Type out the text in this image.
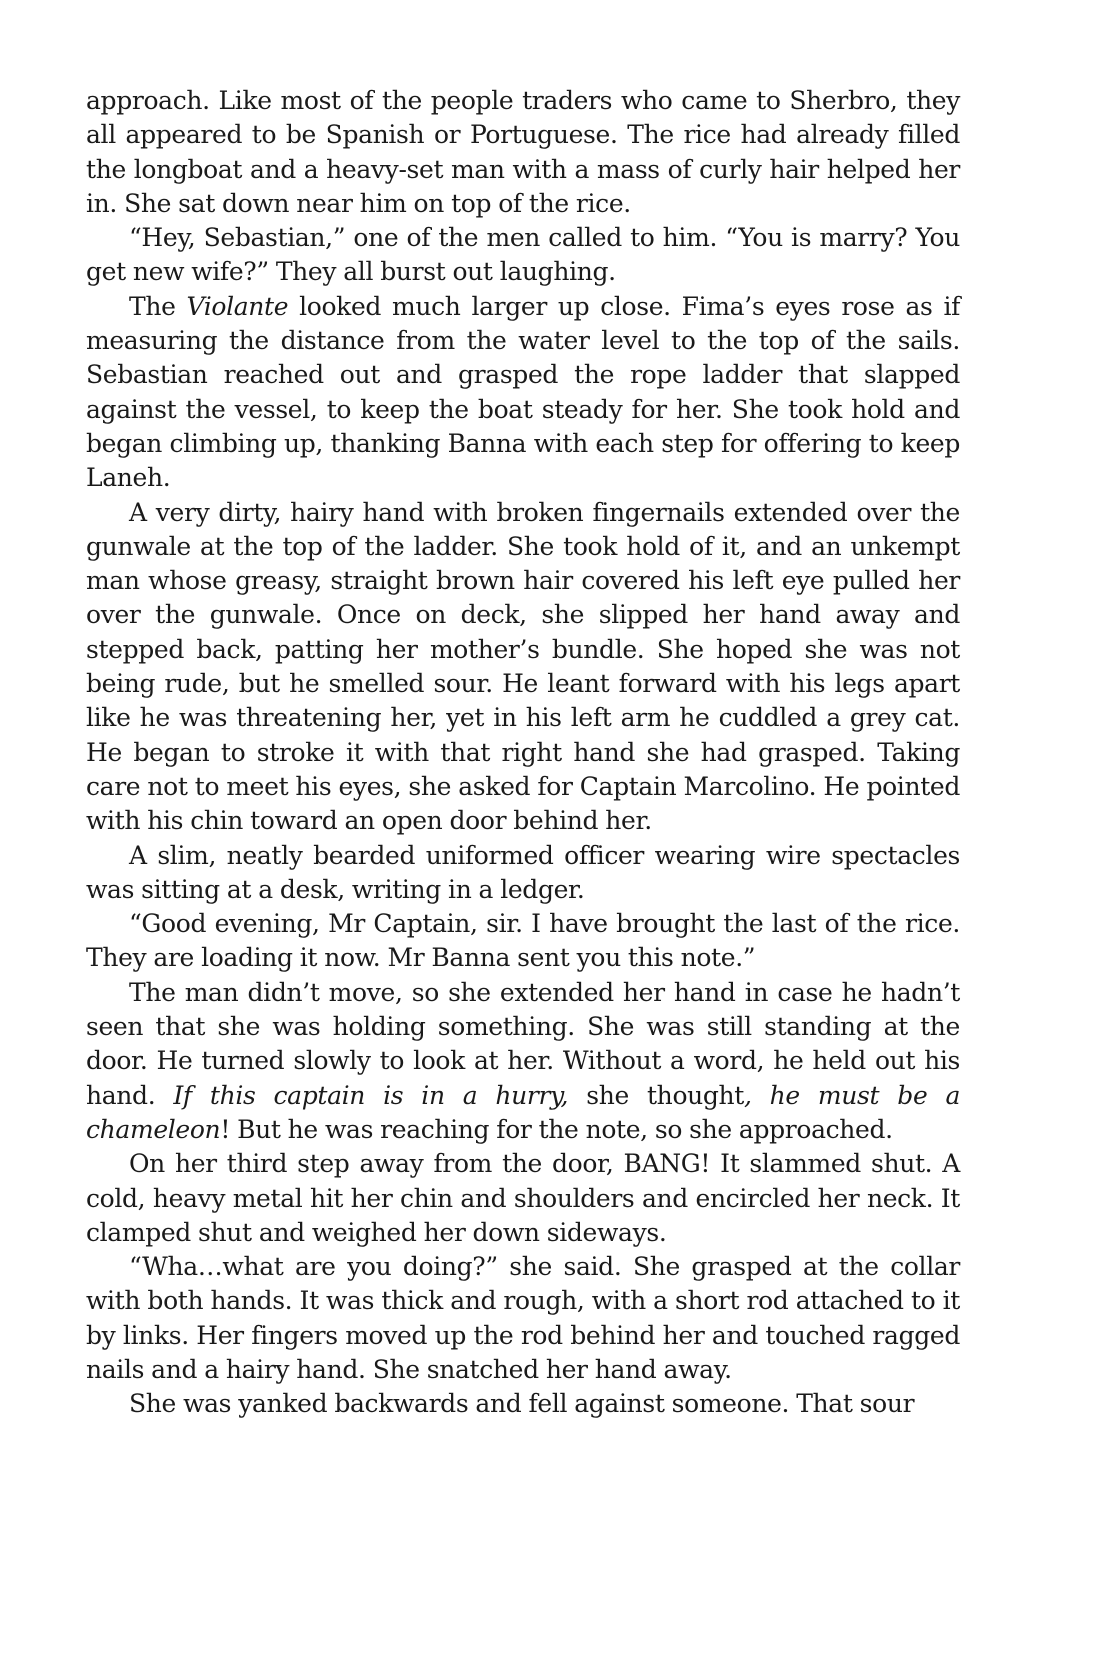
approach. Like most of the people traders who came to Sherbro, they all appeared to be Spanish or Portuguese. The rice had already filled the longboat and a heavy-set man with a mass of curly hair helped her in. She sat down near him on top of the rice.

“Hey, Sebastian,” one of the men called to him. “You is marry? You get new wife?” They all burst out laughing.

The Violante looked much larger up close. Fima’s eyes rose as if measuring the distance from the water level to the top of the sails. Sebastian reached out and grasped the rope ladder that slapped against the vessel, to keep the boat steady for her. She took hold and began climbing up, thanking Banna with each step for offering to keep Laneh.

A very dirty, hairy hand with broken fingernails extended over the gunwale at the top of the ladder. She took hold of it, and an unkempt man whose greasy, straight brown hair covered his left eye pulled her over the gunwale. Once on deck, she slipped her hand away and stepped back, patting her mother’s bundle. She hoped she was not being rude, but he smelled sour. He leant forward with his legs apart like he was threatening her, yet in his left arm he cuddled a grey cat. He began to stroke it with that right hand she had grasped. Taking care not to meet his eyes, she asked for Captain Marcolino. He pointed with his chin toward an open door behind her.

A slim, neatly bearded uniformed officer wearing wire spectacles was sitting at a desk, writing in a ledger.

“Good evening, Mr Captain, sir. I have brought the last of the rice. They are loading it now. Mr Banna sent you this note.”

The man didn’t move, so she extended her hand in case he hadn’t seen that she was holding something. She was still standing at the door. He turned slowly to look at her. Without a word, he held out his hand. If this captain is in a hurry, she thought, he must be a chameleon! But he was reaching for the note, so she approached.

On her third step away from the door, BANG! It slammed shut. A cold, heavy metal hit her chin and shoulders and encircled her neck. It clamped shut and weighed her down sideways.

“Wha…what are you doing?” she said. She grasped at the collar with both hands. It was thick and rough, with a short rod attached to it by links. Her fingers moved up the rod behind her and touched ragged nails and a hairy hand. She snatched her hand away.

She was yanked backwards and fell against someone. That sour
